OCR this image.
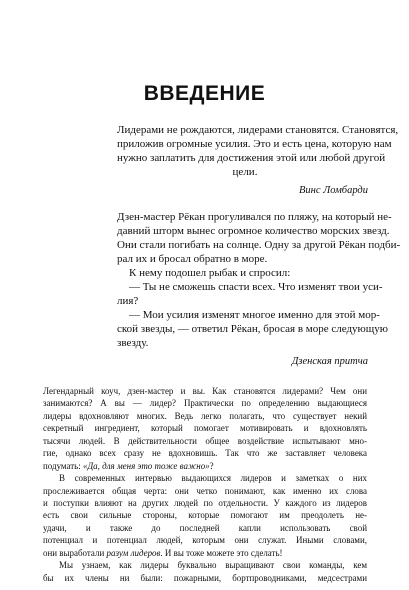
ВВЕДЕНИЕ

Лидерами не рождаются, лидерами становятся. Становятся,

приложив огромные усилия. Это и есть цена, которую нам

нужно заплатить для достижения этой или любой другой

цели.

Винс Ломбарди

Дзен-мастер Рёкан прогуливался по пляжу, на который не-

давний шторм вынес огромное количество морских звезд.

Они стали погибать на солнце. Одну за другой Рёкан подби-

рал их и бросал обратно в море.

К нему подошел рыбак и спросил:

— Ты не сможешь спасти всех. Что изменят твои уси-

лия?

— Мои усилия изменят многое именно для этой мор-

ской звезды, — ответил Рёкан, бросая в море следующую

звезду.

Дзенская притча

Легендарный коуч, дзен-мастер и вы. Как становятся лидерами? Чем они

занимаются? А вы — лидер? Практически по определению выдающиеся

лидеры вдохновляют многих. Ведь легко полагать, что существует некий

секретный ингредиент, который помогает мотивировать и вдохновлять

тысячи людей. В действительности общее воздействие испытывают мно-

гие, однако всех сразу не вдохновишь. Так что же заставляет человека

подумать: «Да, для меня это тоже важно»?

В современных интервью выдающихся лидеров и заметках о них

прослеживается общая черта: они четко понимают, как именно их слова

и поступки влияют на других людей по отдельности. У каждого из лидеров

есть свои сильные стороны, которые помогают им преодолеть не-

удачи, и также до последней капли использовать свой

потенциал и потенциал людей, которым они служат. Иными словами,

они выработали разум лидеров. И вы тоже можете это сделать!

Мы узнаем, как лидеры буквально выращивают свои команды, кем

бы их члены ни были: пожарными, бортпроводниками, медсестрами
